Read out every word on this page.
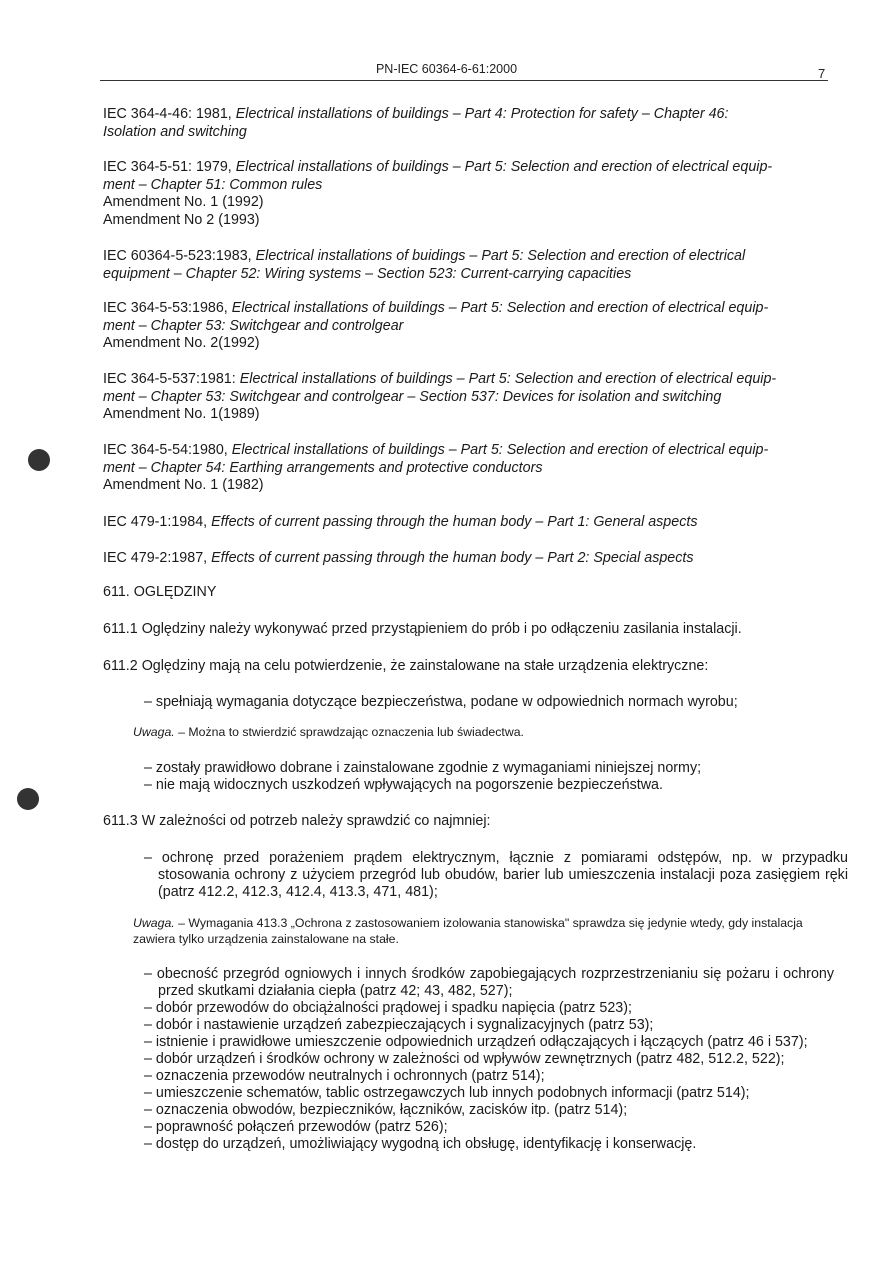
PN-IEC 60364-6-61:2000	7
IEC 364-4-46: 1981, Electrical installations of buildings – Part 4: Protection for safety – Chapter 46:
Isolation and switching
IEC 364-5-51: 1979, Electrical installations of buildings – Part 5: Selection and erection of electrical equip-
ment – Chapter 51: Common rules
Amendment No. 1 (1992)
Amendment No 2 (1993)
IEC 60364-5-523:1983, Electrical installations of buidings – Part 5: Selection and erection of electrical
equipment – Chapter 52: Wiring systems – Section 523: Current-carrying capacities
IEC 364-5-53:1986, Electrical installations of buildings – Part 5: Selection and erection of electrical equip-
ment – Chapter 53: Switchgear and controlgear
Amendment No. 2(1992)
IEC 364-5-537:1981: Electrical installations of buildings – Part 5: Selection and erection of electrical equip-
ment – Chapter 53: Switchgear and controlgear – Section 537: Devices for isolation and switching
Amendment No. 1(1989)
IEC 364-5-54:1980, Electrical installations of buildings – Part 5: Selection and erection of electrical equip-
ment – Chapter 54: Earthing arrangements and protective conductors
Amendment No. 1 (1982)
IEC 479-1:1984, Effects of current passing through the human body – Part 1: General aspects
IEC 479-2:1987, Effects of current passing through the human body – Part 2: Special aspects
611. OGLĘDZINY
611.1 Oględziny należy wykonywać przed przystąpieniem do prób i po odłączeniu zasilania instalacji.
611.2 Oględziny mają na celu potwierdzenie, że zainstalowane na stałe urządzenia elektryczne:
– spełniają wymagania dotyczące bezpieczeństwa, podane w odpowiednich normach wyrobu;
Uwaga. – Można to stwierdzić sprawdzając oznaczenia lub świadectwa.
– zostały prawidłowo dobrane i zainstalowane zgodnie z wymaganiami niniejszej normy;
– nie mają widocznych uszkodzeń wpływających na pogorszenie bezpieczeństwa.
611.3 W zależności od potrzeb należy sprawdzić co najmniej:
– ochronę przed porażeniem prądem elektrycznym, łącznie z pomiarami odstępów, np. w przypadku stosowania ochrony z użyciem przegród lub obudów, barier lub umieszczenia instalacji poza zasięgiem ręki (patrz 412.2, 412.3, 412.4, 413.3, 471, 481);
Uwaga. – Wymagania 413.3 „Ochrona z zastosowaniem izolowania stanowiska" sprawdza się jedynie wtedy, gdy instalacja zawiera tylko urządzenia zainstalowane na stałe.
– obecność przegród ogniowych i innych środków zapobiegających rozprzestrzenianiu się pożaru i ochrony przed skutkami działania ciepła (patrz 42; 43, 482, 527);
– dobór przewodów do obciążalności prądowej i spadku napięcia (patrz 523);
– dobór i nastawienie urządzeń zabezpieczających i sygnalizacyjnych (patrz 53);
– istnienie i prawidłowe umieszczenie odpowiednich urządzeń odłączających i łączących (patrz 46 i 537);
– dobór urządzeń i środków ochrony w zależności od wpływów zewnętrznych (patrz 482, 512.2, 522);
– oznaczenia przewodów neutralnych i ochronnych (patrz 514);
– umieszczenie schematów, tablic ostrzegawczych lub innych podobnych informacji (patrz 514);
– oznaczenia obwodów, bezpieczników, łączników, zacisków itp. (patrz 514);
– poprawność połączeń przewodów (patrz 526);
– dostęp do urządzeń, umożliwiający wygodną ich obsługę, identyfikację i konserwację.
